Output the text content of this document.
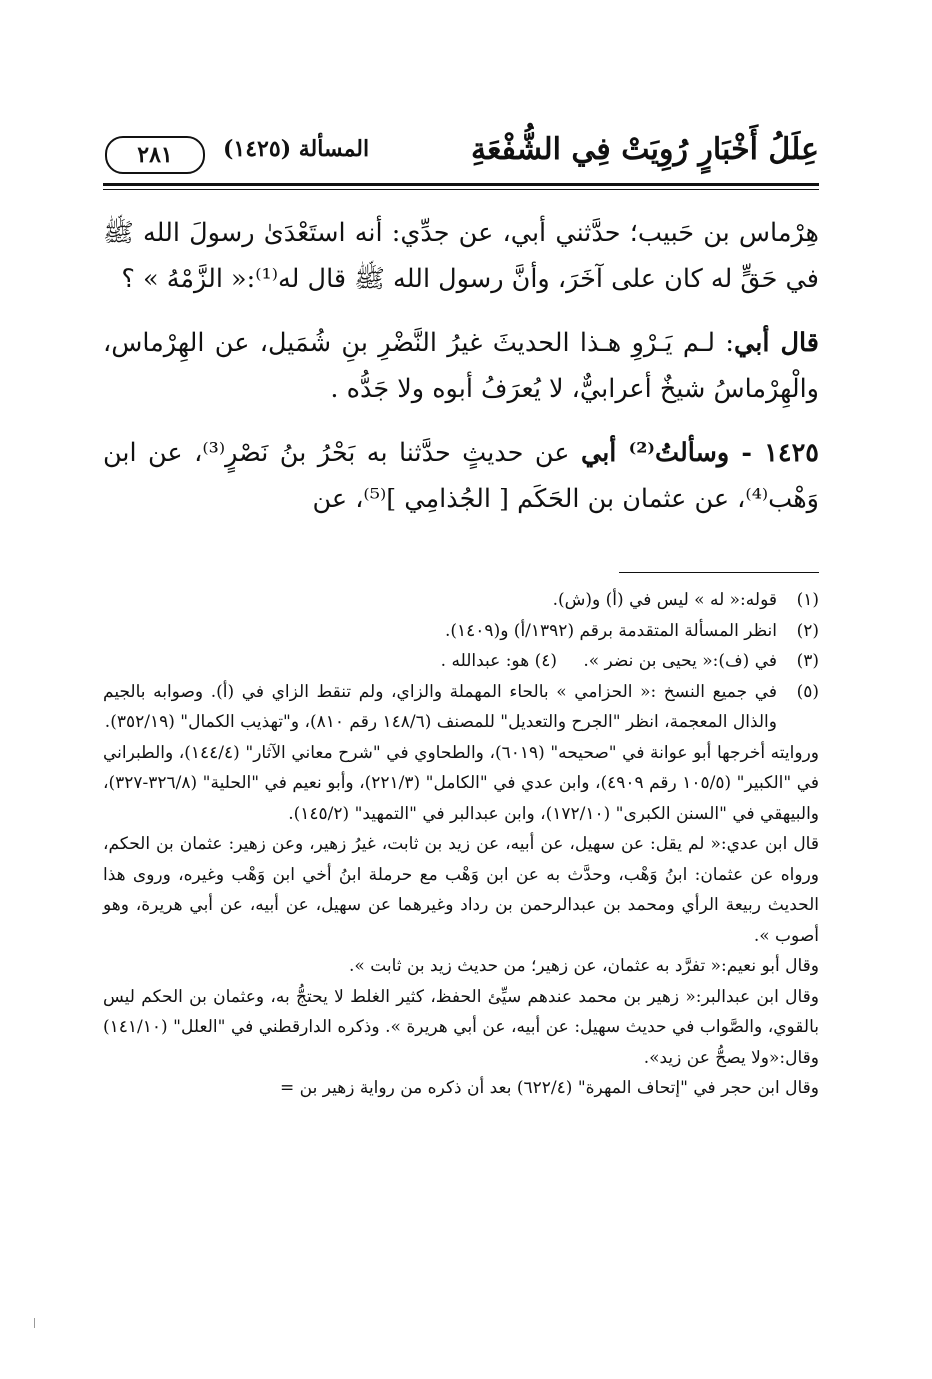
عِلَلُ أَخْبَارٍ رُوِيَتْ فِي الشُّفْعَةِ
المسألة (١٤٢٥)
٢٨١

هِرْماس بن حَبيب؛ حدَّثني أبي، عن جدِّي: أنه استَعْدَىٰ رسولَ الله ﷺ في حَقٍّ له كان على آخَرَ، وأنَّ رسول الله ﷺ قال له⁽¹⁾:« الزَّمْهُ » ؟

قال أبي: لـم يَـرْوِ هـذا الحديثَ غيرُ النَّضْرِ بنِ شُمَيل، عن الهِرْماس، والْهِرْماسُ شيخٌ أعرابيٌّ، لا يُعرَفُ أبوه ولا جَدُّه .

١٤٢٥ - وسألتُ⁽²⁾ أبي عن حديثٍ حدَّثنا به بَحْرُ بنُ نَصْرٍ⁽³⁾، عن ابن وَهْب⁽⁴⁾، عن عثمان بن الحَكَم [ الجُذامِي ]⁽⁵⁾، عن

(١)
قوله:« له » ليس في (أ) و(ش).
(٢)
انظر المسألة المتقدمة برقم (١٣٩٢/أ) و(١٤٠٩).
(٣)
في (ف):« يحيى بن نضر ».
(٤) هو: عبدالله .
(٥)
في جميع النسخ :« الحزامي » بالحاء المهملة والزاي، ولم تنقط الزاي في (أ). وصوابه بالجيم والذال المعجمة، انظر "الجرح والتعديل" للمصنف (١٤٨/٦ رقم ٨١٠)، و"تهذيب الكمال" (٣٥٢/١٩).

وروايته أخرجها أبو عوانة في "صحيحه" (٦٠١٩)، والطحاوي في "شرح معاني الآثار" (١٤٤/٤)، والطبراني في "الكبير" (١٠٥/٥ رقم ٤٩٠٩)، وابن عدي في "الكامل" (٢٢١/٣)، وأبو نعيم في "الحلية" (٣٢٦/٨-٣٢٧)، والبيهقي في "السنن الكبرى" (١٧٢/١٠)، وابن عبدالبر في "التمهيد" (١٤٥/٢).

قال ابن عدي:« لم يقل: عن سهيل، عن أبيه، عن زيد بن ثابت، غيرُ زهير، وعن زهير: عثمان بن الحكم، ورواه عن عثمان: ابنُ وَهْب، وحدَّث به عن ابن وَهْب مع حرملة ابنُ أخي ابن وَهْب وغيره، وروى هذا الحديث ربيعة الرأي ومحمد بن عبدالرحمن بن رداد وغيرهما عن سهيل، عن أبيه، عن أبي هريرة، وهو أصوب ».

وقال أبو نعيم:« تفرَّد به عثمان، عن زهير؛ من حديث زيد بن ثابت ».

وقال ابن عبدالبر:« زهير بن محمد عندهم سيِّئ الحفظ، كثير الغلط لا يحتجُّ به، وعثمان بن الحكم ليس بالقوي، والصَّواب في حديث سهيل: عن أبيه، عن أبي هريرة ». وذكره الدارقطني في "العلل" (١٤١/١٠) وقال:«ولا يصحُّ عن زيد».

وقال ابن حجر في "إتحاف المهرة" (٦٢٢/٤) بعد أن ذكره من رواية زهير بن =
